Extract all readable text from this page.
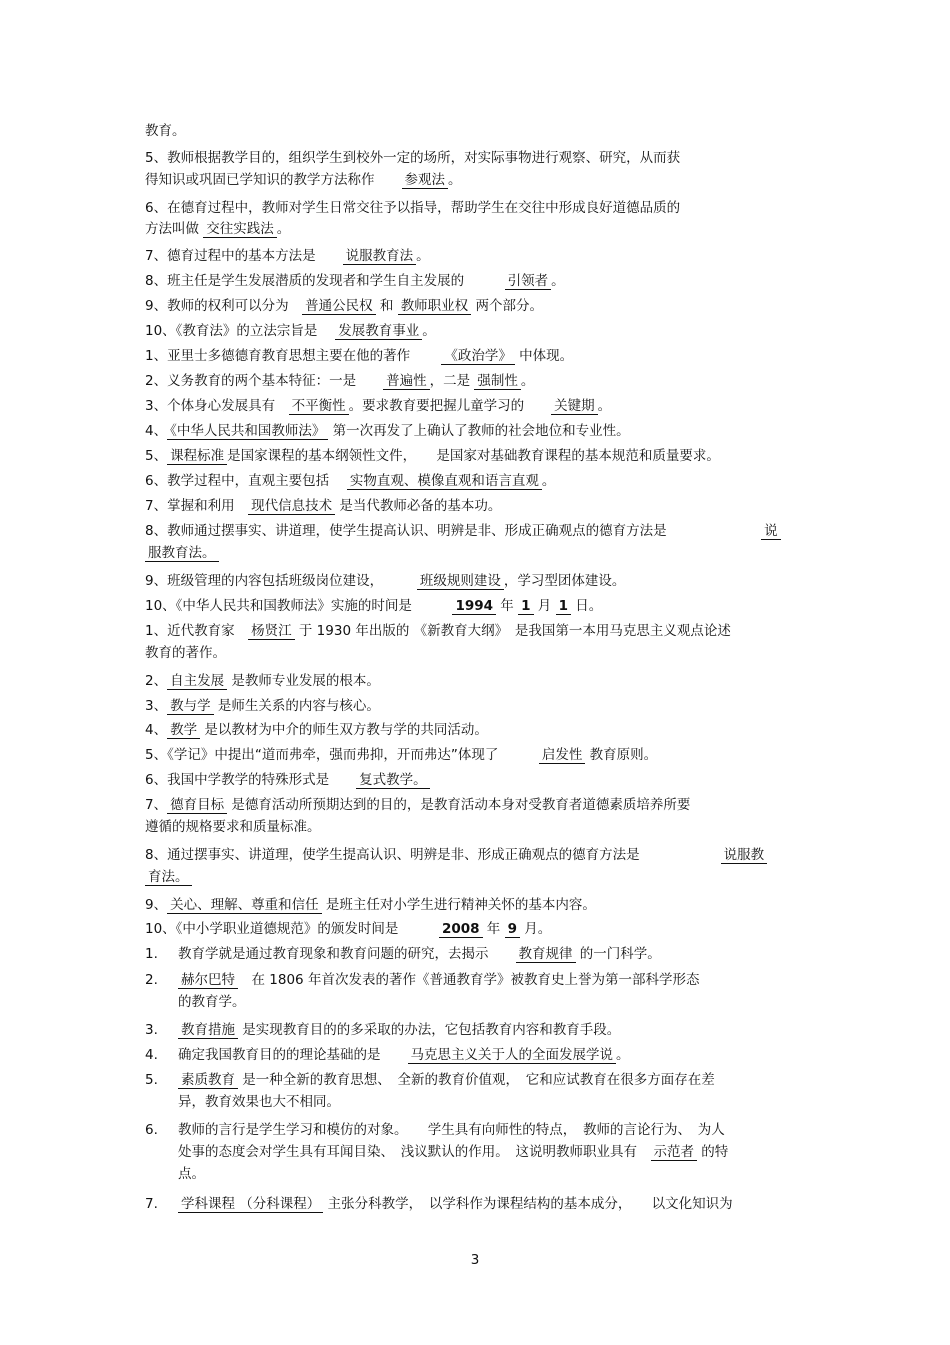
教育。
5、教师根据教学目的，组织学生到校外一定的场所，对实际事物进行观察、研究，从而获
得知识或巩固已学知识的教学方法称作　　参观法 。
6、在德育过程中，教师对学生日常交往予以指导，帮助学生在交往中形成良好道德品质的
方法叫做 交往实践法 。
7、德育过程中的基本方法是　　说服教育法 。
8、班主任是学生发展潜质的发现者和学生自主发展的　　　引领者 。
9、教师的权利可以分为　普通公民权 和 教师职业权 两个部分。
10、《教育法》的立法宗旨是　 发展教育事业 。
1、亚里士多德德育教育思想主要在他的著作　　 《政治学》 中体现。
2、义务教育的两个基本特征：一是　　普遍性 ，二是 强制性 。
3、个体身心发展具有　不平衡性 。要求教育要把握儿童学习的　　关键期 。
4、 《中华人民共和国教师法》 第一次再发了上确认了教师的社会地位和专业性。
5、 课程标准 是国家课程的基本纲领性文件，　　是国家对基础教育课程的基本规范和质量要求。
6、教学过程中，直观主要包括　 实物直观、模像直观和语言直观 。
7、掌握和利用　现代信息技术 是当代教师必备的基本功。
8、教师通过摆事实、讲道理，使学生提高认识、明辨是非、形成正确观点的德育方法是　　　　　　　说
服教育法。
9、班级管理的内容包括班级岗位建设，　　　班级规则建设 ，学习型团体建设。
10、《中华人民共和国教师法》实施的时间是　　　1994 年 1 月 1 日。
1、近代教育家　杨贤江 于 1930 年出版的 《新教育大纲》　是我国第一本用马克思主义观点论述
教育的著作。
2、 自主发展 是教师专业发展的根本。
3、 教与学 是师生关系的内容与核心。
4、 教学 是以教材为中介的师生双方教与学的共同活动。
5、《学记》中提出“道而弗牵，强而弗抑，开而弗达”体现了　　　启发性 教育原则。
6、我国中学教学的特殊形式是　　复式教学。
7、 德育目标 是德育活动所预期达到的目的，是教育活动本身对受教育者道德素质培养所要
遵循的规格要求和质量标准。
8、通过摆事实、讲道理，使学生提高认识、明辨是非、形成正确观点的德育方法是　　　　　　说服教
育法。
9、 关心、理解、尊重和信任 是班主任对小学生进行精神关怀的基本内容。
10、《中小学职业道德规范》的颁发时间是　　　2008 年 9 月。
1. 教育学就是通过教育现象和教育问题的研究，去揭示　　教育规律 的一门科学。
2. 赫尔巴特　在 1806 年首次发表的著作《普通教育学》被教育史上誉为第一部科学形态
的教育学。
3. 教育措施 是实现教育目的的多采取的办法，它包括教育内容和教育手段。
4. 确定我国教育目的的理论基础的是　　马克思主义关于人的全面发展学说 。
5. 素质教育 是一种全新的教育思想、　全新的教育价值观，　它和应试教育在很多方面存在差
异，教育效果也大不相同。
6. 教师的言行是学生学习和模仿的对象。　　学生具有向师性的特点，　教师的言论行为、　为人
处事的态度会对学生具有耳闻目染、　浅议默认的作用。　这说明教师职业具有　示范者 的特
点。
7. 学科课程 （分科课程） 主张分科教学，　以学科作为课程结构的基本成分，　　以文化知识为
3
